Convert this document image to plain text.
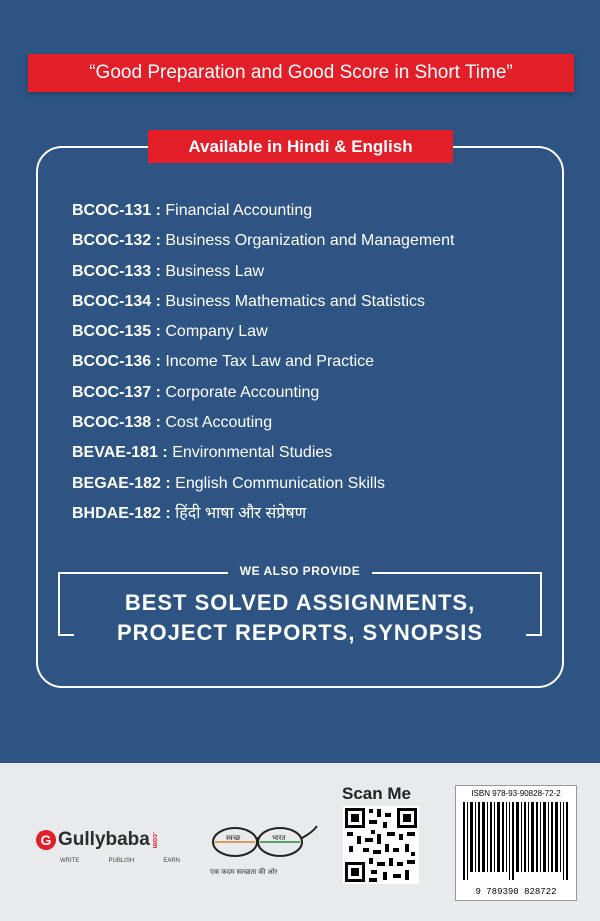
“Good Preparation and Good Score in Short Time”
Available in Hindi & English
BCOC-131 : Financial Accounting
BCOC-132 : Business Organization and Management
BCOC-133 : Business Law
BCOC-134 : Business Mathematics and Statistics
BCOC-135 : Company Law
BCOC-136 : Income Tax Law and Practice
BCOC-137 : Corporate Accounting
BCOC-138 : Cost Accouting
BEVAE-181 : Environmental Studies
BEGAE-182 : English Communication Skills
BHDAE-182 : हिंदी भाषा और संप्रेषण
WE ALSO PROVIDE
BEST SOLVED ASSIGNMENTS,
PROJECT REPORTS, SYNOPSIS
G Gullybaba .com
WRITE	PUBLISH	EARN
स्वच्छ	भारत
एक कदम स्वच्छता की ओर
Scan Me	ISBN 978-93-90828-72-2
9 789390 828722
